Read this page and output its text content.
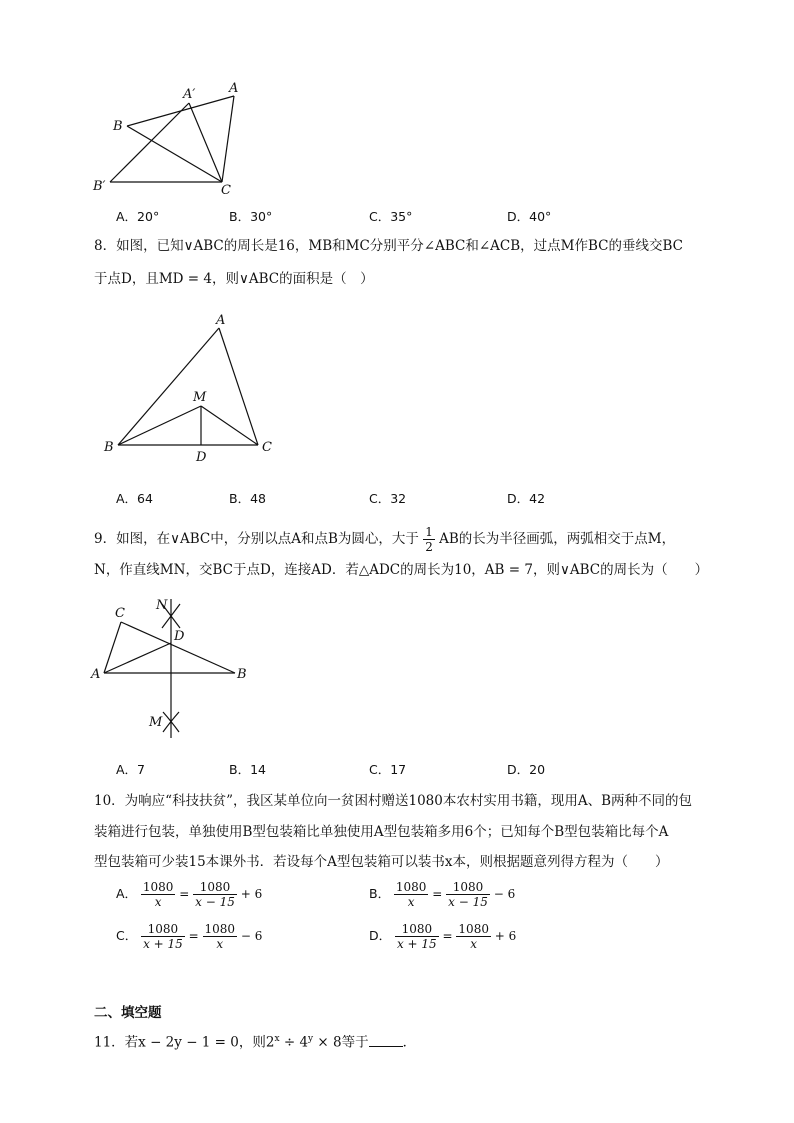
A′	A
B
B′	C
A．20°	B．30°	C．35°	D．40°
8．如图，已知∨ABC的周长是16，MB和MC分别平分∠ABC和∠ACB，过点M作BC的垂线交BC
于点D，且MD = 4，则∨ABC的面积是（　）
A
M
B	C
D
A．64	B．48	C．32	D．42
9．如图，在∨ABC中，分别以点A和点B为圆心，大于 $\frac{1}{2}$ AB的长为半径画弧，两弧相交于点M，
N，作直线MN，交BC于点D，连接AD．若△ADC的周长为10，AB = 7，则∨ABC的周长为（　　）
C
N
D
A	B
M
A．7	B．14	C．17	D．20
10．为响应“科技扶贫”，我区某单位向一贫困村赠送1080本农村实用书籍，现用A、B两种不同的包
装箱进行包装，单独使用B型包装箱比单独使用A型包装箱多用6个；已知每个B型包装箱比每个A
型包装箱可少装15本课外书．若设每个A型包装箱可以装书x本，则根据题意列得方程为（　　）
A． $\frac{1080}{x} = \frac{1080}{x - 15} + 6$	B． $\frac{1080}{x} = \frac{1080}{x - 15} - 6$
C． $\frac{1080}{x + 15} = \frac{1080}{x} - 6$	D． $\frac{1080}{x + 15} = \frac{1080}{x} + 6$
二、填空题
11．若x − 2y − 1 = 0，则$2^x \div 4^y \times 8$等于	．
